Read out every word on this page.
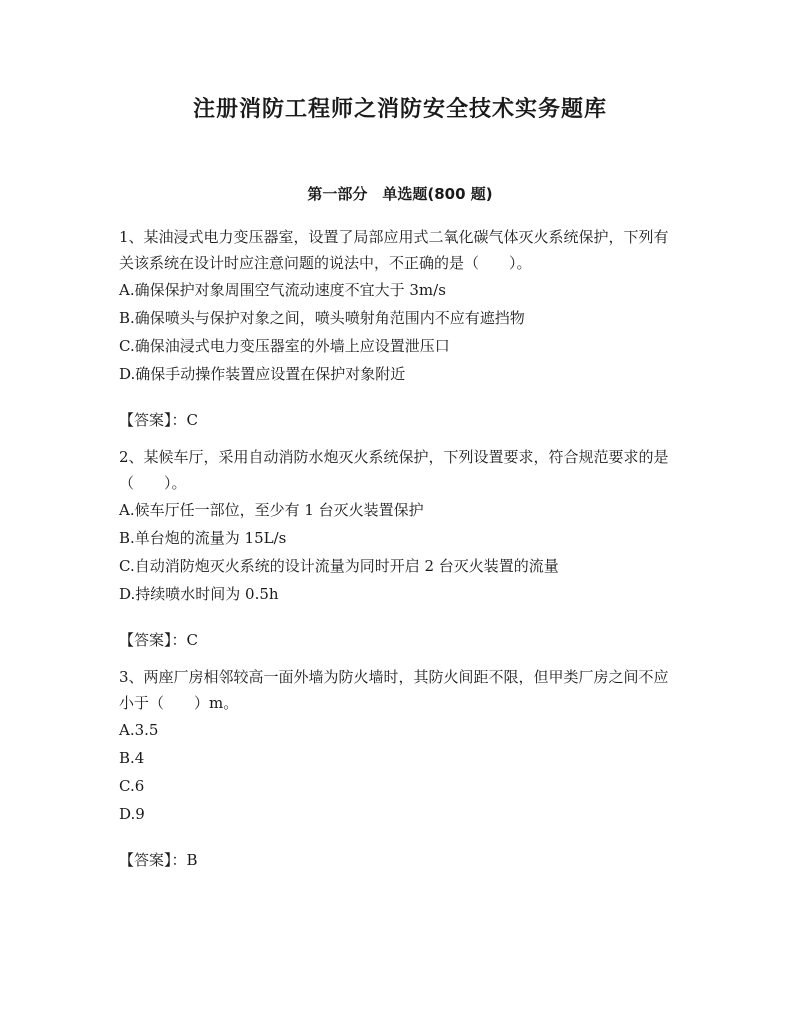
注册消防工程师之消防安全技术实务题库
第一部分　单选题(800 题)

1、某油浸式电力变压器室，设置了局部应用式二氧化碳气体灭火系统保护，下列有关该系统在设计时应注意问题的说法中，不正确的是（　　）。

A.确保保护对象周围空气流动速度不宜大于 3m/s

B.确保喷头与保护对象之间，喷头喷射角范围内不应有遮挡物

C.确保油浸式电力变压器室的外墙上应设置泄压口

D.确保手动操作装置应设置在保护对象附近

【答案】：C

2、某候车厅，采用自动消防水炮灭火系统保护，下列设置要求，符合规范要求的是（　　）。

A.候车厅任一部位，至少有 1 台灭火装置保护

B.单台炮的流量为 15L/s

C.自动消防炮灭火系统的设计流量为同时开启 2 台灭火装置的流量

D.持续喷水时间为 0.5h

【答案】：C

3、两座厂房相邻较高一面外墙为防火墙时，其防火间距不限，但甲类厂房之间不应小于（　　）m。

A.3.5

B.4

C.6

D.9

【答案】：B
